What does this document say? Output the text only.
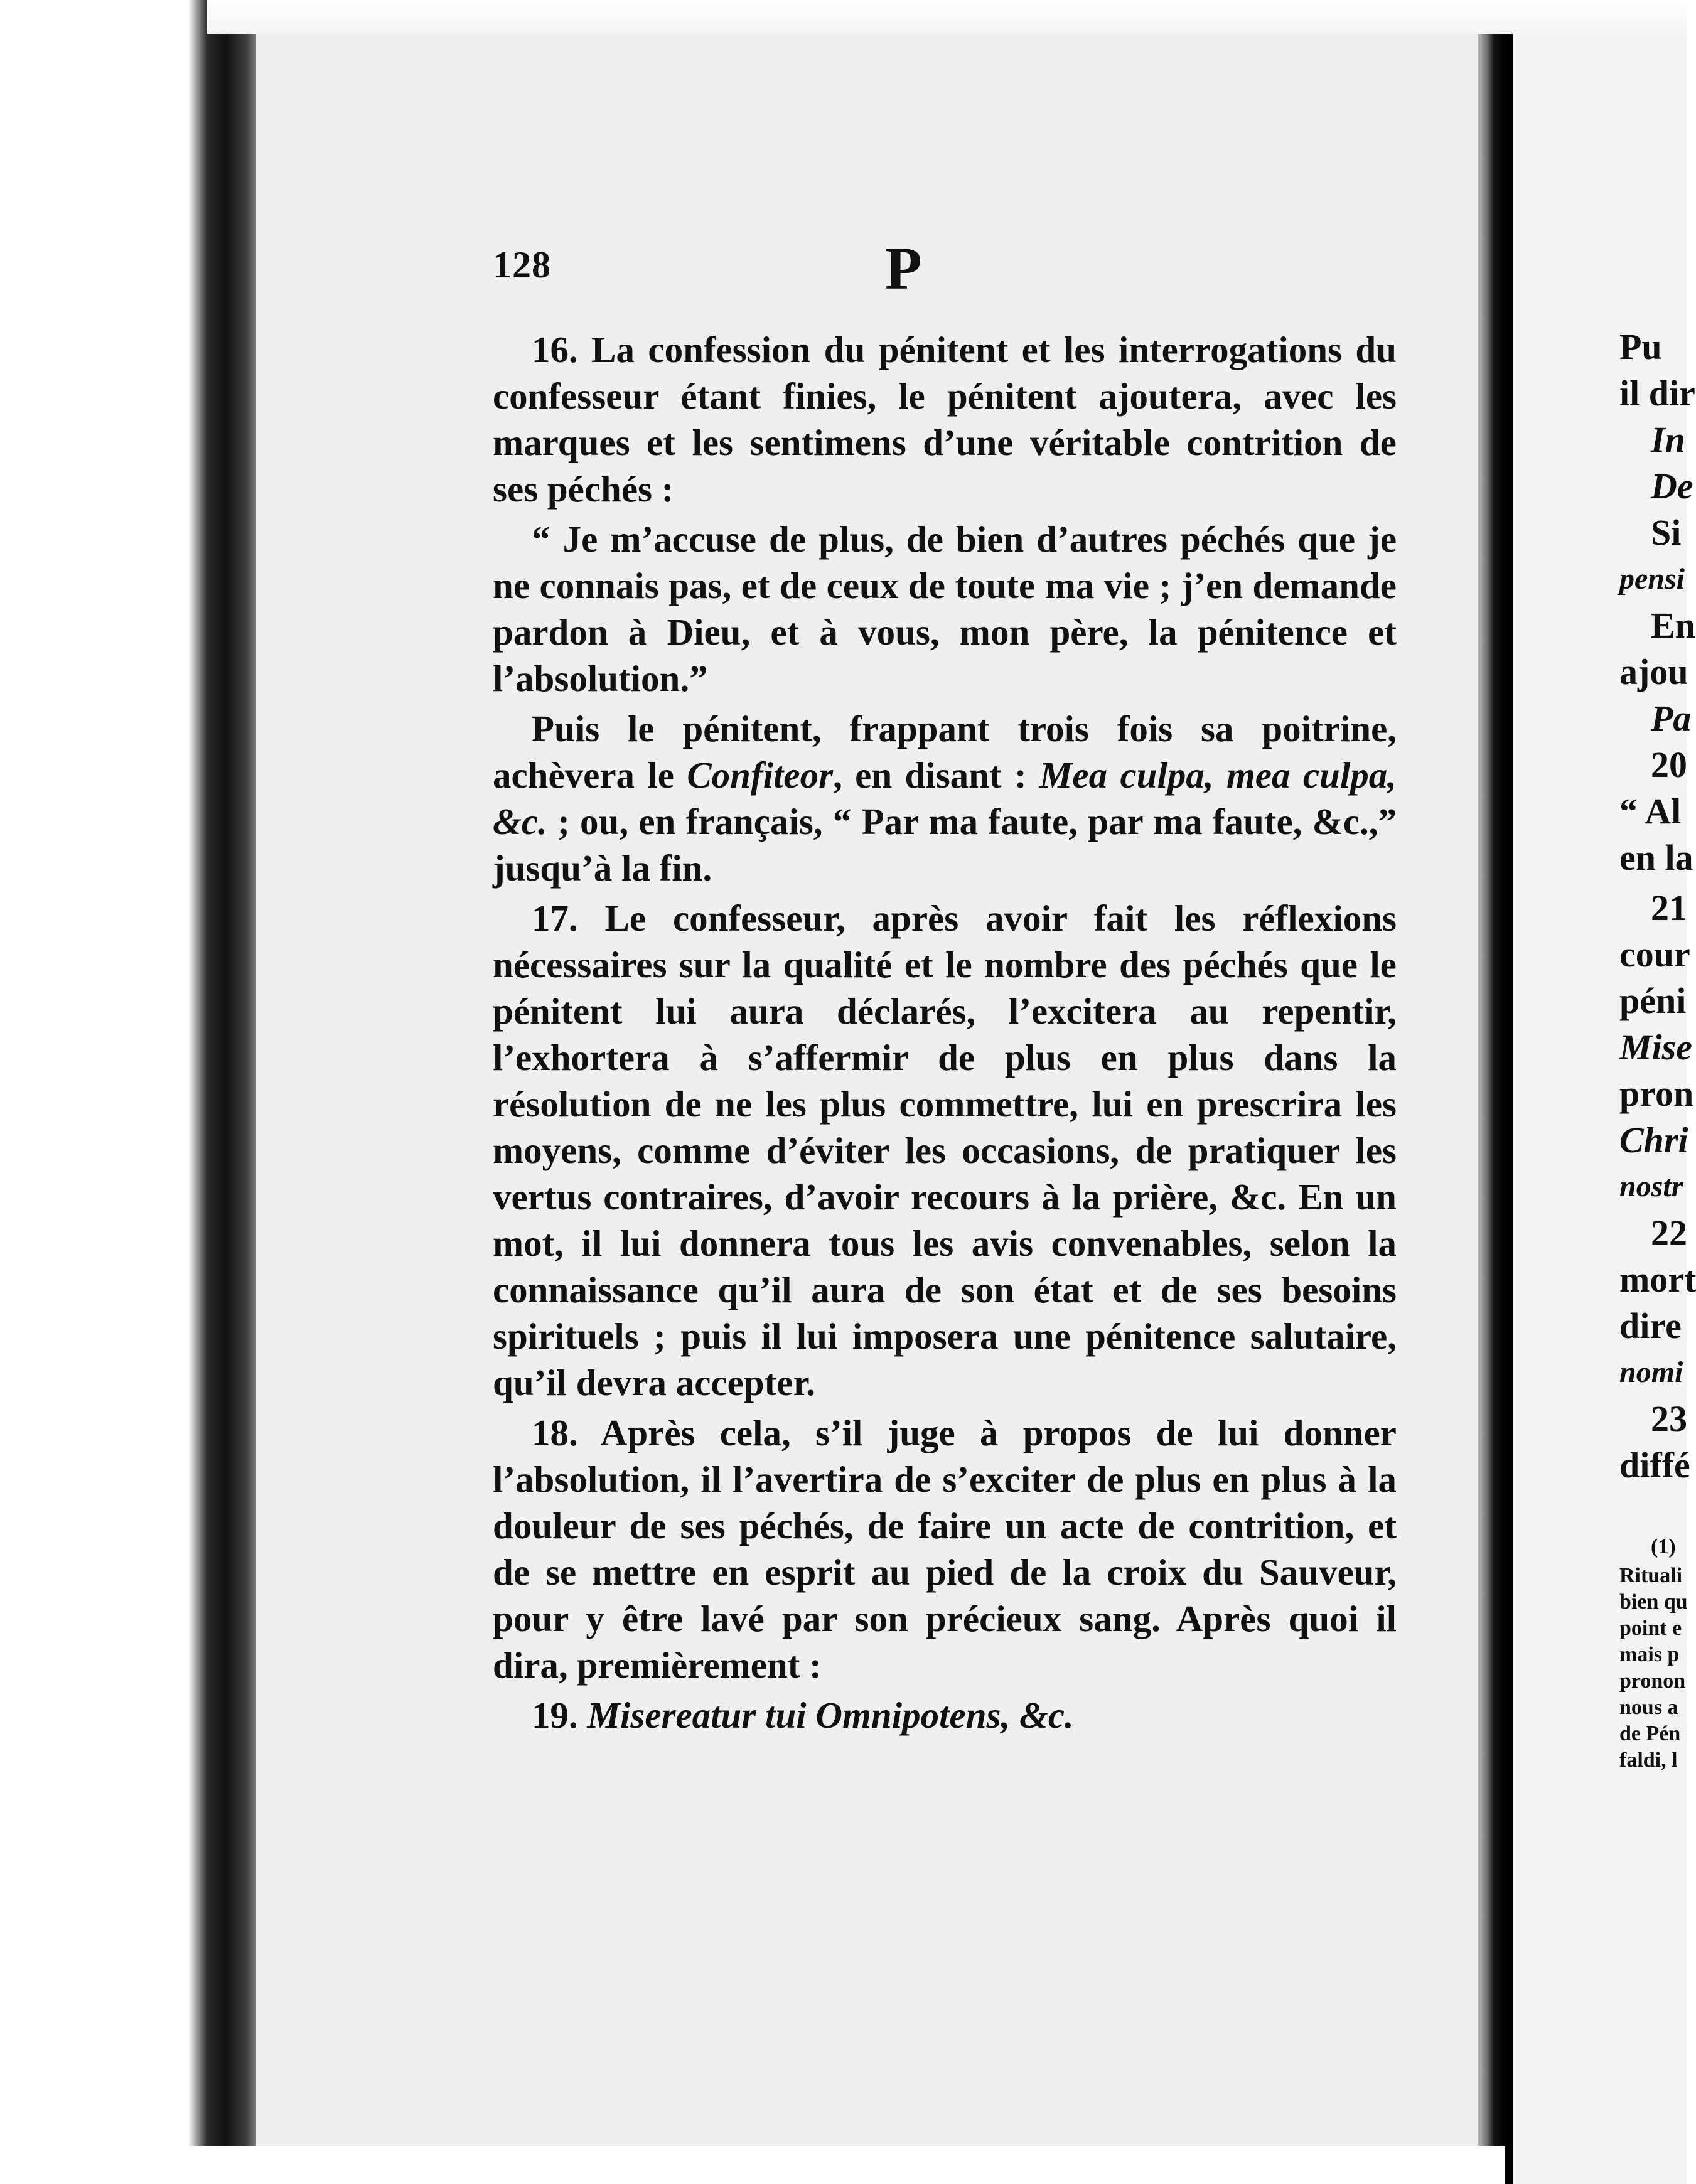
128	P

16. La confession du pénitent et les interrogations du confesseur étant finies, le pénitent ajoutera, avec les marques et les sentimens d’une véritable contrition de ses péchés :

“ Je m’accuse de plus, de bien d’autres péchés que je ne connais pas, et de ceux de toute ma vie ; j’en demande pardon à Dieu, et à vous, mon père, la pénitence et l’absolution.”

Puis le pénitent, frappant trois fois sa poitrine, achèvera le Confiteor, en disant : Mea culpa, mea culpa, &c. ; ou, en français, “ Par ma faute, par ma faute, &c.,” jusqu’à la fin.

17. Le confesseur, après avoir fait les réflexions nécessaires sur la qualité et le nombre des péchés que le pénitent lui aura déclarés, l’excitera au repentir, l’exhortera à s’affermir de plus en plus dans la résolution de ne les plus commettre, lui en prescrira les moyens, comme d’éviter les occasions, de pratiquer les vertus contraires, d’avoir recours à la prière, &c. En un mot, il lui donnera tous les avis convenables, selon la connaissance qu’il aura de son état et de ses besoins spirituels ; puis il lui imposera une pénitence salutaire, qu’il devra accepter.

18. Après cela, s’il juge à propos de lui donner l’absolution, il l’avertira de s’exciter de plus en plus à la douleur de ses péchés, de faire un acte de contrition, et de se mettre en esprit au pied de la croix du Sauveur, pour y être lavé par son précieux sang. Après quoi il dira, premièrement :

19. Misereatur tui Omnipotens, &c.

Pu
il dir
In
De
Si
pensi
En
ajou
Pa
20
“ Al
en la
21
cour
péni
Mise
pron
Chri
nostr
22
mort
dire
nomi
23
diffé
(1)
Rituali
bien qu
point e
mais p
pronon
nous a
de Pén
faldi, l
